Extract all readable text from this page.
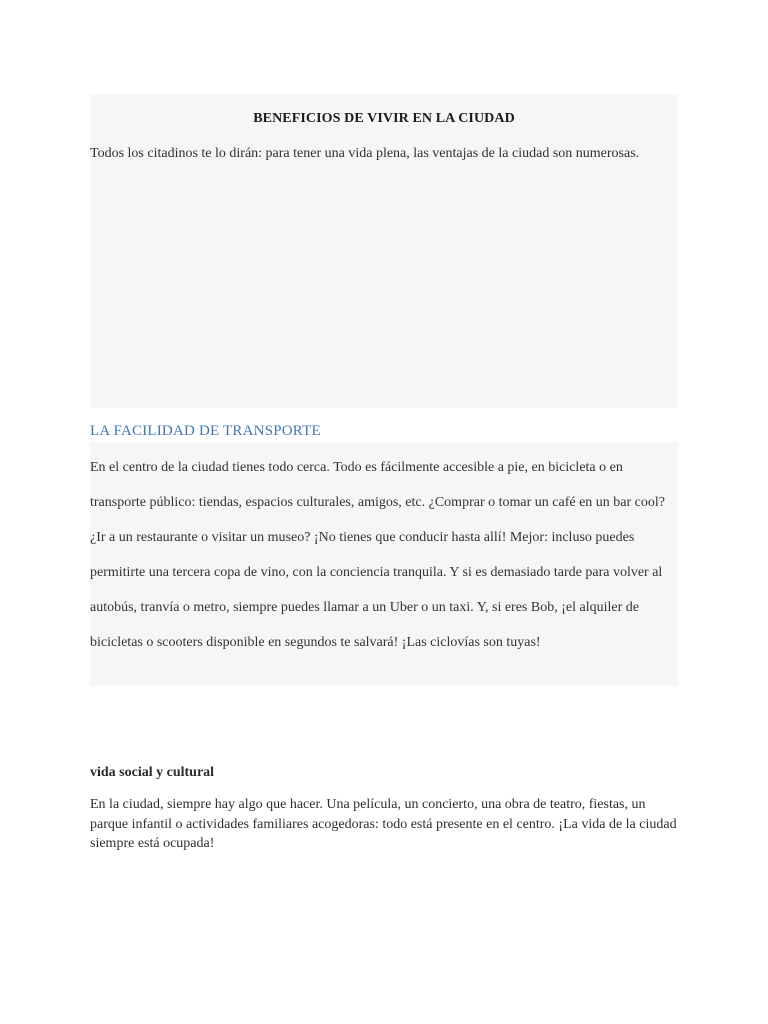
BENEFICIOS DE VIVIR EN LA CIUDAD

Todos los citadinos te lo dirán: para tener una vida plena, las ventajas de la ciudad son numerosas.

LA FACILIDAD DE TRANSPORTE

En el centro de la ciudad tienes todo cerca. Todo es fácilmente accesible a pie, en bicicleta o en transporte público: tiendas, espacios culturales, amigos, etc. ¿Comprar o tomar un café en un bar cool? ¿Ir a un restaurante o visitar un museo? ¡No tienes que conducir hasta allí! Mejor: incluso puedes permitirte una tercera copa de vino, con la conciencia tranquila. Y si es demasiado tarde para volver al autobús, tranvía o metro, siempre puedes llamar a un Uber o un taxi. Y, si eres Bob, ¡el alquiler de bicicletas o scooters disponible en segundos te salvará! ¡Las ciclovías son tuyas!

vida social y cultural

En la ciudad, siempre hay algo que hacer. Una película, un concierto, una obra de teatro, fiestas, un parque infantil o actividades familiares acogedoras: todo está presente en el centro. ¡La vida de la ciudad siempre está ocupada!
